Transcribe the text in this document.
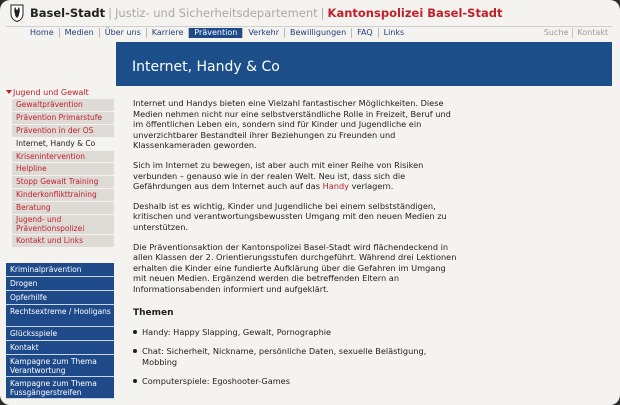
Basel-Stadt | Justiz- und Sicherheitsdepartement | Kantonspolizei Basel-Stadt
Home	Medien	Über uns	Karriere	Prävention	Verkehr	Bewilligungen	FAQ	Links	Suche	Kontakt
Internet, Handy & Co
Jugend und Gewalt
Gewaltprävention
Prävention Primarstufe
Prävention in der OS
Internet, Handy & Co
Krisenintervention
Helpline
Stopp Gewalt Training
Kinderkonflikttraining
Beratung
Jugend- und Präventionspolizei
Kontakt und Links
Kriminalprävention
Drogen
Opferhilfe
Rechtsextreme / Hooligans
Glücksspiele
Kontakt
Kampagne zum Thema Verantwortung
Kampagne zum Thema Fussgängerstreifen

Internet und Handys bieten eine Vielzahl fantastischer Möglichkeiten. Diese Medien nehmen nicht nur eine selbstverständliche Rolle in Freizeit, Beruf und im öffentlichen Leben ein, sondern sind für Kinder und Jugendliche ein unverzichtbarer Bestandteil ihrer Beziehungen zu Freunden und Klassenkameraden geworden.

Sich im Internet zu bewegen, ist aber auch mit einer Reihe von Risiken verbunden – genauso wie in der realen Welt. Neu ist, dass sich die Gefährdungen aus dem Internet auch auf das Handy verlagern.

Deshalb ist es wichtig, Kinder und Jugendliche bei einem selbstständigen, kritischen und verantwortungsbewussten Umgang mit den neuen Medien zu unterstützen.

Die Präventionsaktion der Kantonspolizei Basel-Stadt wird flächendeckend in allen Klassen der 2. Orientierungsstufen durchgeführt. Während drei Lektionen erhalten die Kinder eine fundierte Aufklärung über die Gefahren im Umgang mit neuen Medien. Ergänzend werden die betreffenden Eltern an Informationsabenden informiert und aufgeklärt.

Themen
Handy: Happy Slapping, Gewalt, Pornographie
Chat: Sicherheit, Nickname, persönliche Daten, sexuelle Belästigung, Mobbing
Computerspiele: Egoshooter-Games
